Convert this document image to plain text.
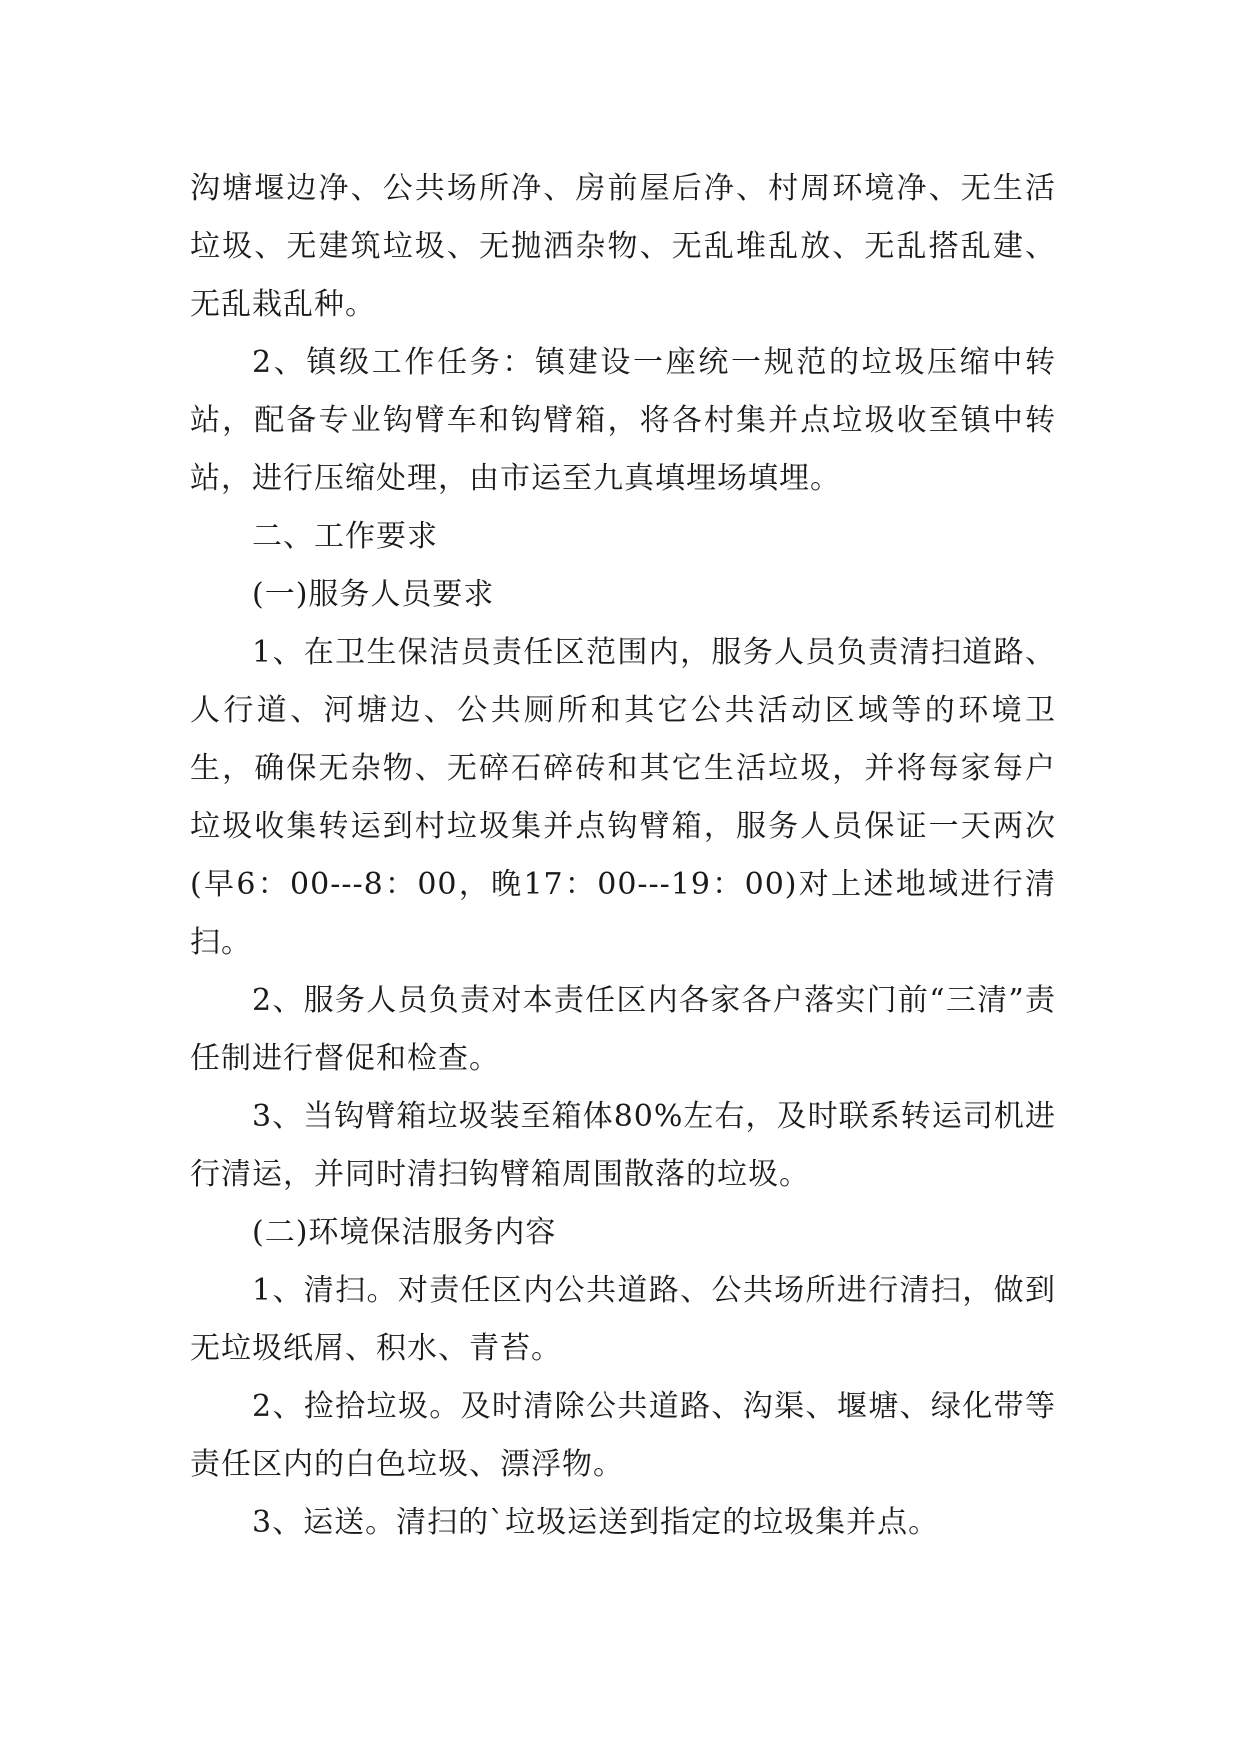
沟塘堰边净、公共场所净、房前屋后净、村周环境净、无生活垃圾、无建筑垃圾、无抛洒杂物、无乱堆乱放、无乱搭乱建、无乱栽乱种。

2、镇级工作任务：镇建设一座统一规范的垃圾压缩中转站，配备专业钩臂车和钩臂箱，将各村集并点垃圾收至镇中转站，进行压缩处理，由市运至九真填埋场填埋。

二、工作要求

(一)服务人员要求

1、在卫生保洁员责任区范围内，服务人员负责清扫道路、人行道、河塘边、公共厕所和其它公共活动区域等的环境卫生，确保无杂物、无碎石碎砖和其它生活垃圾，并将每家每户垃圾收集转运到村垃圾集并点钩臂箱，服务人员保证一天两次(早6：00---8：00，晚17：00---19：00)对上述地域进行清扫。

2、服务人员负责对本责任区内各家各户落实门前“三清”责任制进行督促和检查。

3、当钩臂箱垃圾装至箱体80%左右，及时联系转运司机进行清运，并同时清扫钩臂箱周围散落的垃圾。

(二)环境保洁服务内容

1、清扫。对责任区内公共道路、公共场所进行清扫，做到无垃圾纸屑、积水、青苔。

2、捡拾垃圾。及时清除公共道路、沟渠、堰塘、绿化带等责任区内的白色垃圾、漂浮物。

3、运送。清扫的`垃圾运送到指定的垃圾集并点。
